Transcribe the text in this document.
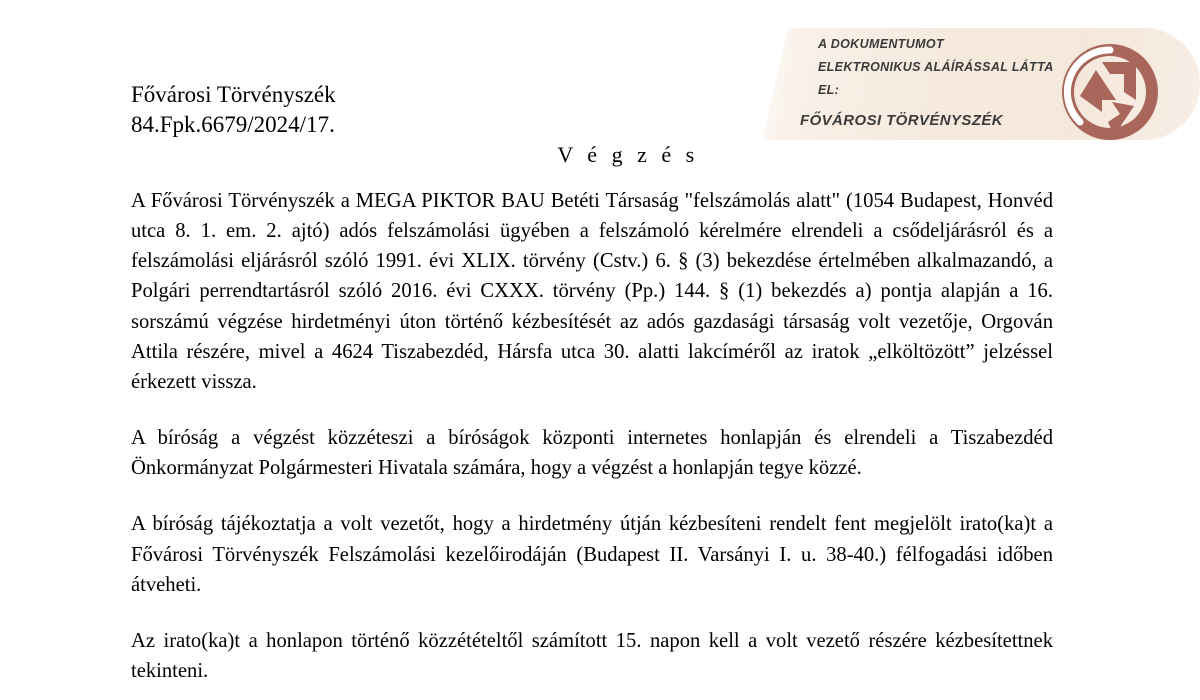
A DOKUMENTUMOT
ELEKTRONIKUS ALÁÍRÁSSAL LÁTTA EL:
FŐVÁROSI TÖRVÉNYSZÉK
Fővárosi Törvényszék
84.Fpk.6679/2024/17.
V é g z é s

A Fővárosi Törvényszék a MEGA PIKTOR BAU Betéti Társaság "felszámolás alatt" (1054 Budapest, Honvéd utca 8. 1. em. 2. ajtó) adós felszámolási ügyében a felszámoló kérelmére elrendeli a csődeljárásról és a felszámolási eljárásról szóló 1991. évi XLIX. törvény (Cstv.) 6. § (3) bekezdése értelmében alkalmazandó, a Polgári perrendtartásról szóló 2016. évi CXXX. törvény (Pp.) 144. § (1) bekezdés a) pontja alapján a 16. sorszámú végzése hirdetményi úton történő kézbesítését az adós gazdasági társaság volt vezetője, Orgován Attila részére, mivel a 4624 Tiszabezdéd, Hársfa utca 30. alatti lakcíméről az iratok „elköltözött” jelzéssel érkezett vissza.

A bíróság a végzést közzéteszi a bíróságok központi internetes honlapján és elrendeli a Tiszabezdéd Önkormányzat Polgármesteri Hivatala számára, hogy a végzést a honlapján tegye közzé.

A bíróság tájékoztatja a volt vezetőt, hogy a hirdetmény útján kézbesíteni rendelt fent megjelölt irato(ka)t a Fővárosi Törvényszék Felszámolási kezelőirodáján (Budapest II. Varsányi I. u. 38-40.) félfogadási időben átveheti.

Az irato(ka)t a honlapon történő közzétételtől számított 15. napon kell a volt vezető részére kézbesítettnek tekinteni.
